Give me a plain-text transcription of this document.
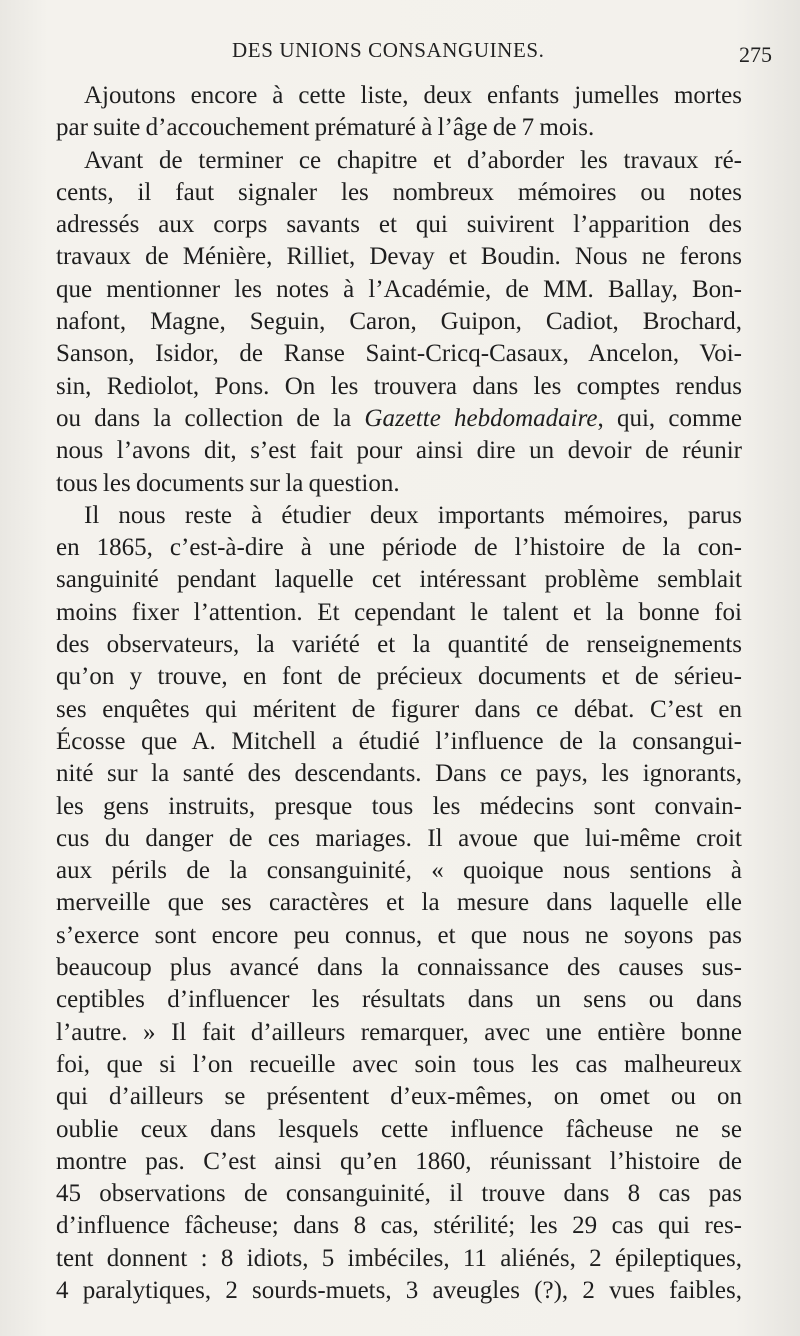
DES UNIONS CONSANGUINES.	275
Ajoutons encore à cette liste, deux enfants jumelles mortes
par suite d’accouchement prématuré à l’âge de 7 mois.
Avant de terminer ce chapitre et d’aborder les travaux ré-
cents, il faut signaler les nombreux mémoires ou notes
adressés aux corps savants et qui suivirent l’apparition des
travaux de Ménière, Rilliet, Devay et Boudin. Nous ne ferons
que mentionner les notes à l’Académie, de MM. Ballay, Bon-
nafont, Magne, Seguin, Caron, Guipon, Cadiot, Brochard,
Sanson, Isidor, de Ranse Saint-Cricq-Casaux, Ancelon, Voi-
sin, Rediolot, Pons. On les trouvera dans les comptes rendus
ou dans la collection de la Gazette hebdomadaire, qui, comme
nous l’avons dit, s’est fait pour ainsi dire un devoir de réunir
tous les documents sur la question.
Il nous reste à étudier deux importants mémoires, parus
en 1865, c’est-à-dire à une période de l’histoire de la con-
sanguinité pendant laquelle cet intéressant problème semblait
moins fixer l’attention. Et cependant le talent et la bonne foi
des observateurs, la variété et la quantité de renseignements
qu’on y trouve, en font de précieux documents et de sérieu-
ses enquêtes qui méritent de figurer dans ce débat. C’est en
Écosse que A. Mitchell a étudié l’influence de la consangui-
nité sur la santé des descendants. Dans ce pays, les ignorants,
les gens instruits, presque tous les médecins sont convain-
cus du danger de ces mariages. Il avoue que lui-même croit
aux périls de la consanguinité, « quoique nous sentions à
merveille que ses caractères et la mesure dans laquelle elle
s’exerce sont encore peu connus, et que nous ne soyons pas
beaucoup plus avancé dans la connaissance des causes sus-
ceptibles d’influencer les résultats dans un sens ou dans
l’autre. » Il fait d’ailleurs remarquer, avec une entière bonne
foi, que si l’on recueille avec soin tous les cas malheureux
qui d’ailleurs se présentent d’eux-mêmes, on omet ou on
oublie ceux dans lesquels cette influence fâcheuse ne se
montre pas. C’est ainsi qu’en 1860, réunissant l’histoire de
45 observations de consanguinité, il trouve dans 8 cas pas
d’influence fâcheuse; dans 8 cas, stérilité; les 29 cas qui res-
tent donnent : 8 idiots, 5 imbéciles, 11 aliénés, 2 épileptiques,
4 paralytiques, 2 sourds-muets, 3 aveugles (?), 2 vues faibles,
